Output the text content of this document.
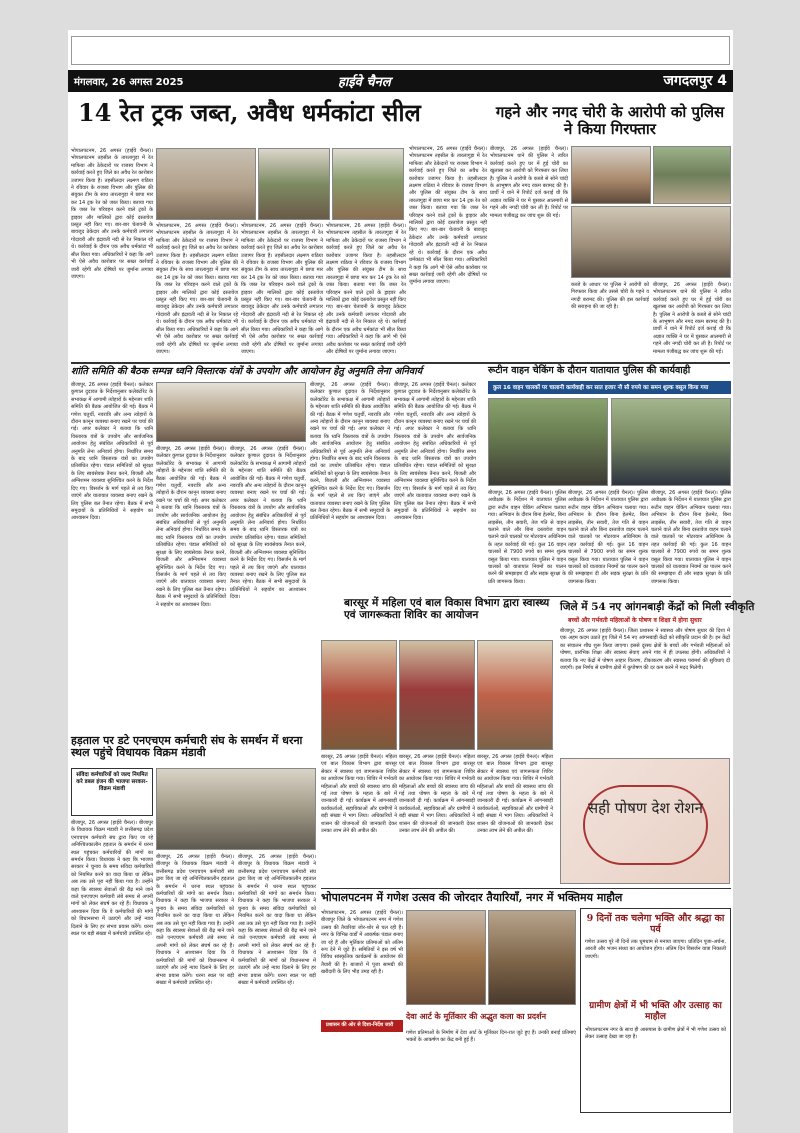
मंगलवार, 26 अगस्त 2025	हाईवे चैनल	जगदलपुर 4
14 रेत ट्रक जब्त, अवैध धर्मकांटा सील
भोपालपटनम, 26 अगस्त (हाईवे चैनल)। भोपालपटनम तहसील के तारलागुड़ा में रेत माफिया और ठेकेदारों पर राजस्व विभाग ने कार्रवाई करते हुए जिले का अवैध रेत कारोबार उजागर किया है। तहसीलदार लक्ष्मण राठिया ने रविवार के राजस्व विभाग और पुलिस की संयुक्त टीम के साथ तारलागुड़ा में छापा मार कर 14 ट्रक रेत को जब्त किया। बताया गया कि जब्त रेत परिवहन करने वाले ट्रकों के ड्राइवर और मालिकों द्वारा कोई दस्तावेज प्रस्तुत नहीं किए गए। बार-बार चेतावनी के बावजूद ठेकेदार और उनके कर्मचारी लगातार गोदावरी और इंद्रावती नदी से रेत निकाल रहे थे। कार्रवाई के दौरान एक अवैध धर्मकांटा भी सील किया गया। अधिकारियों ने कहा कि आगे भी ऐसे अवैध कारोबार पर सख्त कार्रवाई जारी रहेगी और दोषियों पर जुर्माना लगाया जाएगा।
भोपालपटनम, 26 अगस्त (हाईवे चैनल)। भोपालपटनम तहसील के तारलागुड़ा में रेत माफिया और ठेकेदारों पर राजस्व विभाग ने कार्रवाई करते हुए जिले का अवैध रेत कारोबार उजागर किया है। तहसीलदार लक्ष्मण राठिया ने रविवार के राजस्व विभाग और पुलिस की संयुक्त टीम के साथ तारलागुड़ा में छापा मार कर 14 ट्रक रेत को जब्त किया। बताया गया कि जब्त रेत परिवहन करने वाले ट्रकों के ड्राइवर और मालिकों द्वारा कोई दस्तावेज प्रस्तुत नहीं किए गए। बार-बार चेतावनी के बावजूद ठेकेदार और उनके कर्मचारी लगातार गोदावरी और इंद्रावती नदी से रेत निकाल रहे थे। कार्रवाई के दौरान एक अवैध धर्मकांटा भी सील किया गया। अधिकारियों ने कहा कि आगे भी ऐसे अवैध कारोबार पर सख्त कार्रवाई जारी रहेगी और दोषियों पर जुर्माना लगाया जाएगा।
भोपालपटनम, 26 अगस्त (हाईवे चैनल)। भोपालपटनम तहसील के तारलागुड़ा में रेत माफिया और ठेकेदारों पर राजस्व विभाग ने कार्रवाई करते हुए जिले का अवैध रेत कारोबार उजागर किया है। तहसीलदार लक्ष्मण राठिया ने रविवार के राजस्व विभाग और पुलिस की संयुक्त टीम के साथ तारलागुड़ा में छापा मार कर 14 ट्रक रेत को जब्त किया। बताया गया कि जब्त रेत परिवहन करने वाले ट्रकों के ड्राइवर और मालिकों द्वारा कोई दस्तावेज प्रस्तुत नहीं किए गए। बार-बार चेतावनी के बावजूद ठेकेदार और उनके कर्मचारी लगातार गोदावरी और इंद्रावती नदी से रेत निकाल रहे थे। कार्रवाई के दौरान एक अवैध धर्मकांटा भी सील किया गया। अधिकारियों ने कहा कि आगे भी ऐसे अवैध कारोबार पर सख्त कार्रवाई जारी रहेगी और दोषियों पर जुर्माना लगाया जाएगा।
भोपालपटनम, 26 अगस्त (हाईवे चैनल)। भोपालपटनम तहसील के तारलागुड़ा में रेत माफिया और ठेकेदारों पर राजस्व विभाग ने कार्रवाई करते हुए जिले का अवैध रेत कारोबार उजागर किया है। तहसीलदार लक्ष्मण राठिया ने रविवार के राजस्व विभाग और पुलिस की संयुक्त टीम के साथ तारलागुड़ा में छापा मार कर 14 ट्रक रेत को जब्त किया। बताया गया कि जब्त रेत परिवहन करने वाले ट्रकों के ड्राइवर और मालिकों द्वारा कोई दस्तावेज प्रस्तुत नहीं किए गए। बार-बार चेतावनी के बावजूद ठेकेदार और उनके कर्मचारी लगातार गोदावरी और इंद्रावती नदी से रेत निकाल रहे थे। कार्रवाई के दौरान एक अवैध धर्मकांटा भी सील किया गया। अधिकारियों ने कहा कि आगे भी ऐसे अवैध कारोबार पर सख्त कार्रवाई जारी रहेगी और दोषियों पर जुर्माना लगाया जाएगा।
भोपालपटनम, 26 अगस्त (हाईवे चैनल)। भोपालपटनम तहसील के तारलागुड़ा में रेत माफिया और ठेकेदारों पर राजस्व विभाग ने कार्रवाई करते हुए जिले का अवैध रेत कारोबार उजागर किया है। तहसीलदार लक्ष्मण राठिया ने रविवार के राजस्व विभाग और पुलिस की संयुक्त टीम के साथ तारलागुड़ा में छापा मार कर 14 ट्रक रेत को जब्त किया। बताया गया कि जब्त रेत परिवहन करने वाले ट्रकों के ड्राइवर और मालिकों द्वारा कोई दस्तावेज प्रस्तुत नहीं किए गए। बार-बार चेतावनी के बावजूद ठेकेदार और उनके कर्मचारी लगातार गोदावरी और इंद्रावती नदी से रेत निकाल रहे थे। कार्रवाई के दौरान एक अवैध धर्मकांटा भी सील किया गया। अधिकारियों ने कहा कि आगे भी ऐसे अवैध कारोबार पर सख्त कार्रवाई जारी रहेगी और दोषियों पर जुर्माना लगाया जाएगा।
गहने और नगद चोरी के आरोपी को पुलिस ने किया गिरफ्तार
बीजापुर, 26 अगस्त (हाईवे चैनल)। भोपालपटनम थाने की पुलिस ने त्वरित कार्रवाई करते हुए घर में हुई चोरी का खुलासा कर आरोपी को गिरफ्तार कर लिया है। पुलिस ने आरोपी के कब्जे से सोने चांदी के आभूषण और नगद रकम बरामद की है। प्रार्थी ने थाने में रिपोर्ट दर्ज कराई थी कि अज्ञात व्यक्ति ने घर में घुसकर आलमारी से गहने और नगदी चोरी कर ली है। रिपोर्ट पर मामला पंजीबद्ध कर जांच शुरू की गई।
कब्जे के आधार पर पुलिस ने आरोपी को गिरफ्तार किया और उससे चोरी के गहने व नगदी बरामद की। पुलिस की इस कार्रवाई की सराहना की जा रही है।
बीजापुर, 26 अगस्त (हाईवे चैनल)। भोपालपटनम थाने की पुलिस ने त्वरित कार्रवाई करते हुए घर में हुई चोरी का खुलासा कर आरोपी को गिरफ्तार कर लिया है। पुलिस ने आरोपी के कब्जे से सोने चांदी के आभूषण और नगद रकम बरामद की है। प्रार्थी ने थाने में रिपोर्ट दर्ज कराई थी कि अज्ञात व्यक्ति ने घर में घुसकर आलमारी से गहने और नगदी चोरी कर ली है। रिपोर्ट पर मामला पंजीबद्ध कर जांच शुरू की गई।
शांति समिति की बैठक सम्पन्न ध्वनि विस्तारक यंत्रों के उपयोग और आयोजन हेतु अनुमति लेना अनिवार्य
बीजापुर, 26 अगस्त (हाईवे चैनल)। कलेक्टर कुणाल दुदावत के निर्देशानुसार कलेक्टोरेट के सभाकक्ष में आगामी त्योहारों के मद्देनजर शांति समिति की बैठक आयोजित की गई। बैठक में गणेश चतुर्थी, नवरात्रि और अन्य त्योहारों के दौरान कानून व्यवस्था बनाए रखने पर चर्चा की गई। अपर कलेक्टर ने बताया कि ध्वनि विस्तारक यंत्रों के उपयोग और सार्वजनिक आयोजन हेतु संबंधित अधिकारियों से पूर्व अनुमति लेना अनिवार्य होगा। निर्धारित समय के बाद ध्वनि विस्तारक यंत्रों का उपयोग प्रतिबंधित रहेगा। पंडाल समितियों को सुरक्षा के लिए स्वयंसेवक तैनात करने, बिजली और अग्निशमन व्यवस्था सुनिश्चित करने के निर्देश दिए गए। विसर्जन के मार्ग पहले से तय किए जाएंगे और यातायात व्यवस्था बनाए रखने के लिए पुलिस बल तैनात रहेगा। बैठक में सभी समुदायों के प्रतिनिधियों ने सहयोग का आश्वासन दिया।
बीजापुर, 26 अगस्त (हाईवे चैनल)। कलेक्टर कुणाल दुदावत के निर्देशानुसार कलेक्टोरेट के सभाकक्ष में आगामी त्योहारों के मद्देनजर शांति समिति की बैठक आयोजित की गई। बैठक में गणेश चतुर्थी, नवरात्रि और अन्य त्योहारों के दौरान कानून व्यवस्था बनाए रखने पर चर्चा की गई। अपर कलेक्टर ने बताया कि ध्वनि विस्तारक यंत्रों के उपयोग और सार्वजनिक आयोजन हेतु संबंधित अधिकारियों से पूर्व अनुमति लेना अनिवार्य होगा। निर्धारित समय के बाद ध्वनि विस्तारक यंत्रों का उपयोग प्रतिबंधित रहेगा। पंडाल समितियों को सुरक्षा के लिए स्वयंसेवक तैनात करने, बिजली और अग्निशमन व्यवस्था सुनिश्चित करने के निर्देश दिए गए। विसर्जन के मार्ग पहले से तय किए जाएंगे और यातायात व्यवस्था बनाए रखने के लिए पुलिस बल तैनात रहेगा। बैठक में सभी समुदायों के प्रतिनिधियों ने सहयोग का आश्वासन दिया।
बीजापुर, 26 अगस्त (हाईवे चैनल)। कलेक्टर कुणाल दुदावत के निर्देशानुसार कलेक्टोरेट के सभाकक्ष में आगामी त्योहारों के मद्देनजर शांति समिति की बैठक आयोजित की गई। बैठक में गणेश चतुर्थी, नवरात्रि और अन्य त्योहारों के दौरान कानून व्यवस्था बनाए रखने पर चर्चा की गई। अपर कलेक्टर ने बताया कि ध्वनि विस्तारक यंत्रों के उपयोग और सार्वजनिक आयोजन हेतु संबंधित अधिकारियों से पूर्व अनुमति लेना अनिवार्य होगा। निर्धारित समय के बाद ध्वनि विस्तारक यंत्रों का उपयोग प्रतिबंधित रहेगा। पंडाल समितियों को सुरक्षा के लिए स्वयंसेवक तैनात करने, बिजली और अग्निशमन व्यवस्था सुनिश्चित करने के निर्देश दिए गए। विसर्जन के मार्ग पहले से तय किए जाएंगे और यातायात व्यवस्था बनाए रखने के लिए पुलिस बल तैनात रहेगा। बैठक में सभी समुदायों के प्रतिनिधियों ने सहयोग का आश्वासन दिया।
बीजापुर, 26 अगस्त (हाईवे चैनल)। कलेक्टर कुणाल दुदावत के निर्देशानुसार कलेक्टोरेट के सभाकक्ष में आगामी त्योहारों के मद्देनजर शांति समिति की बैठक आयोजित की गई। बैठक में गणेश चतुर्थी, नवरात्रि और अन्य त्योहारों के दौरान कानून व्यवस्था बनाए रखने पर चर्चा की गई। अपर कलेक्टर ने बताया कि ध्वनि विस्तारक यंत्रों के उपयोग और सार्वजनिक आयोजन हेतु संबंधित अधिकारियों से पूर्व अनुमति लेना अनिवार्य होगा। निर्धारित समय के बाद ध्वनि विस्तारक यंत्रों का उपयोग प्रतिबंधित रहेगा। पंडाल समितियों को सुरक्षा के लिए स्वयंसेवक तैनात करने, बिजली और अग्निशमन व्यवस्था सुनिश्चित करने के निर्देश दिए गए। विसर्जन के मार्ग पहले से तय किए जाएंगे और यातायात व्यवस्था बनाए रखने के लिए पुलिस बल तैनात रहेगा। बैठक में सभी समुदायों के प्रतिनिधियों ने सहयोग का आश्वासन दिया।
बीजापुर, 26 अगस्त (हाईवे चैनल)। कलेक्टर कुणाल दुदावत के निर्देशानुसार कलेक्टोरेट के सभाकक्ष में आगामी त्योहारों के मद्देनजर शांति समिति की बैठक आयोजित की गई। बैठक में गणेश चतुर्थी, नवरात्रि और अन्य त्योहारों के दौरान कानून व्यवस्था बनाए रखने पर चर्चा की गई। अपर कलेक्टर ने बताया कि ध्वनि विस्तारक यंत्रों के उपयोग और सार्वजनिक आयोजन हेतु संबंधित अधिकारियों से पूर्व अनुमति लेना अनिवार्य होगा। निर्धारित समय के बाद ध्वनि विस्तारक यंत्रों का उपयोग प्रतिबंधित रहेगा। पंडाल समितियों को सुरक्षा के लिए स्वयंसेवक तैनात करने, बिजली और अग्निशमन व्यवस्था सुनिश्चित करने के निर्देश दिए गए। विसर्जन के मार्ग पहले से तय किए जाएंगे और यातायात व्यवस्था बनाए रखने के लिए पुलिस बल तैनात रहेगा। बैठक में सभी समुदायों के प्रतिनिधियों ने सहयोग का आश्वासन दिया।
रूटीन वाहन चेकिंग के दौरान यातायात पुलिस की कार्यवाही
कुल 16 वाहन चालकों पर चालानी कार्यवाही कर सात हजार नौ सौ रुपये का समन शुल्क वसूल किया गया
बीजापुर, 26 अगस्त (हाईवे चैनल)। पुलिस अधीक्षक के निर्देशन में यातायात पुलिस द्वारा रूटीन वाहन चेकिंग अभियान चलाया गया। अभियान के दौरान बिना हेलमेट, बिना लाइसेंस, तीन सवारी, तेज गति से वाहन चलाने वाले और बिना दस्तावेज वाहन चलाने वाले चालकों पर मोटरयान अधिनियम के तहत कार्रवाई की गई। कुल 16 वाहन चालकों से 7900 रुपये का समन शुल्क वसूल किया गया। यातायात पुलिस ने वाहन चालकों को यातायात नियमों का पालन करने की समझाइश दी और सड़क सुरक्षा के प्रति जागरूक किया।
बीजापुर, 26 अगस्त (हाईवे चैनल)। पुलिस अधीक्षक के निर्देशन में यातायात पुलिस द्वारा रूटीन वाहन चेकिंग अभियान चलाया गया। अभियान के दौरान बिना हेलमेट, बिना लाइसेंस, तीन सवारी, तेज गति से वाहन चलाने वाले और बिना दस्तावेज वाहन चलाने वाले चालकों पर मोटरयान अधिनियम के तहत कार्रवाई की गई। कुल 16 वाहन चालकों से 7900 रुपये का समन शुल्क वसूल किया गया। यातायात पुलिस ने वाहन चालकों को यातायात नियमों का पालन करने की समझाइश दी और सड़क सुरक्षा के प्रति जागरूक किया।
बीजापुर, 26 अगस्त (हाईवे चैनल)। पुलिस अधीक्षक के निर्देशन में यातायात पुलिस द्वारा रूटीन वाहन चेकिंग अभियान चलाया गया। अभियान के दौरान बिना हेलमेट, बिना लाइसेंस, तीन सवारी, तेज गति से वाहन चलाने वाले और बिना दस्तावेज वाहन चलाने वाले चालकों पर मोटरयान अधिनियम के तहत कार्रवाई की गई। कुल 16 वाहन चालकों से 7900 रुपये का समन शुल्क वसूल किया गया। यातायात पुलिस ने वाहन चालकों को यातायात नियमों का पालन करने की समझाइश दी और सड़क सुरक्षा के प्रति जागरूक किया।
बारसूर में महिला एवं बाल विकास विभाग द्वारा स्वास्थ्य एवं जागरूकता शिविर का आयोजन
बारसूर, 26 अगस्त (हाईवे चैनल)। महिला एवं बाल विकास विभाग द्वारा बारसूर सेक्टर में स्वास्थ्य एवं जागरूकता शिविर का आयोजन किया गया। शिविर में गर्भवती महिलाओं और बच्चों की स्वास्थ्य जांच की गई तथा पोषण के महत्व के बारे में जानकारी दी गई। कार्यक्रम में आंगनबाड़ी कार्यकर्ताओं, सहायिकाओं और ग्रामीणों ने बड़ी संख्या में भाग लिया। अधिकारियों ने शासन की योजनाओं की जानकारी देकर उनका लाभ लेने की अपील की।
बारसूर, 26 अगस्त (हाईवे चैनल)। महिला एवं बाल विकास विभाग द्वारा बारसूर सेक्टर में स्वास्थ्य एवं जागरूकता शिविर का आयोजन किया गया। शिविर में गर्भवती महिलाओं और बच्चों की स्वास्थ्य जांच की गई तथा पोषण के महत्व के बारे में जानकारी दी गई। कार्यक्रम में आंगनबाड़ी कार्यकर्ताओं, सहायिकाओं और ग्रामीणों ने बड़ी संख्या में भाग लिया। अधिकारियों ने शासन की योजनाओं की जानकारी देकर उनका लाभ लेने की अपील की।
बारसूर, 26 अगस्त (हाईवे चैनल)। महिला एवं बाल विकास विभाग द्वारा बारसूर सेक्टर में स्वास्थ्य एवं जागरूकता शिविर का आयोजन किया गया। शिविर में गर्भवती महिलाओं और बच्चों की स्वास्थ्य जांच की गई तथा पोषण के महत्व के बारे में जानकारी दी गई। कार्यक्रम में आंगनबाड़ी कार्यकर्ताओं, सहायिकाओं और ग्रामीणों ने बड़ी संख्या में भाग लिया। अधिकारियों ने शासन की योजनाओं की जानकारी देकर उनका लाभ लेने की अपील की।
जिले में 54 नए आंगनबाड़ी केंद्रों को मिली स्वीकृति
बच्चों और गर्भवती महिलाओं के पोषण व शिक्षा में होगा सुधार
बीजापुर, 26 अगस्त (हाईवे चैनल)। जिला प्रशासन ने स्वास्थ्य और पोषण सुधार की दिशा में एक अहम कदम उठाते हुए जिले में 54 नए आंगनबाड़ी केंद्रों को स्वीकृति प्रदान की है। इन केंद्रों का संचालन शीघ्र शुरू किया जाएगा। इससे दूरस्थ क्षेत्रों के बच्चों और गर्भवती महिलाओं को पोषण, प्रारंभिक शिक्षा और स्वास्थ्य सेवाएं अपने गांव में ही उपलब्ध होंगी। अधिकारियों ने बताया कि नए केंद्रों में पोषण आहार वितरण, टीकाकरण और स्वास्थ्य परामर्श की सुविधाएं दी जाएंगी। इस निर्णय से ग्रामीण क्षेत्रों में कुपोषण की दर कम करने में मदद मिलेगी।
सही पोषण देश रोशन
हड़ताल पर डटे एनएचएम कर्मचारी संघ के समर्थन में धरना स्थल पहुंचे विधायक विक्रम मंडावी
संविदा कर्मचारियों को जल्द नियमित करे डबल इंजन की भाजपा सरकार- विक्रम मंडावी
बीजापुर, 26 अगस्त (हाईवे चैनल)। बीजापुर के विधायक विक्रम मंडावी ने छत्तीसगढ़ प्रदेश एनएचएम कर्मचारी संघ द्वारा किए जा रहे अनिश्चितकालीन हड़ताल के समर्थन में धरना स्थल पहुंचकर कर्मचारियों की मांगों का समर्थन किया। विधायक ने कहा कि भाजपा सरकार ने चुनाव के समय संविदा कर्मचारियों को नियमित करने का वादा किया था लेकिन अब तक उसे पूरा नहीं किया गया है। उन्होंने कहा कि स्वास्थ्य सेवाओं की रीढ़ माने जाने वाले एनएचएम कर्मचारी लंबे समय से अपनी मांगों को लेकर संघर्ष कर रहे हैं। विधायक ने आश्वासन दिया कि वे कर्मचारियों की मांगों को विधानसभा में उठाएंगे और उन्हें न्याय दिलाने के लिए हर संभव प्रयास करेंगे। धरना स्थल पर बड़ी संख्या में कर्मचारी उपस्थित रहे।
बीजापुर, 26 अगस्त (हाईवे चैनल)। बीजापुर के विधायक विक्रम मंडावी ने छत्तीसगढ़ प्रदेश एनएचएम कर्मचारी संघ द्वारा किए जा रहे अनिश्चितकालीन हड़ताल के समर्थन में धरना स्थल पहुंचकर कर्मचारियों की मांगों का समर्थन किया। विधायक ने कहा कि भाजपा सरकार ने चुनाव के समय संविदा कर्मचारियों को नियमित करने का वादा किया था लेकिन अब तक उसे पूरा नहीं किया गया है। उन्होंने कहा कि स्वास्थ्य सेवाओं की रीढ़ माने जाने वाले एनएचएम कर्मचारी लंबे समय से अपनी मांगों को लेकर संघर्ष कर रहे हैं। विधायक ने आश्वासन दिया कि वे कर्मचारियों की मांगों को विधानसभा में उठाएंगे और उन्हें न्याय दिलाने के लिए हर संभव प्रयास करेंगे। धरना स्थल पर बड़ी संख्या में कर्मचारी उपस्थित रहे।
बीजापुर, 26 अगस्त (हाईवे चैनल)। बीजापुर के विधायक विक्रम मंडावी ने छत्तीसगढ़ प्रदेश एनएचएम कर्मचारी संघ द्वारा किए जा रहे अनिश्चितकालीन हड़ताल के समर्थन में धरना स्थल पहुंचकर कर्मचारियों की मांगों का समर्थन किया। विधायक ने कहा कि भाजपा सरकार ने चुनाव के समय संविदा कर्मचारियों को नियमित करने का वादा किया था लेकिन अब तक उसे पूरा नहीं किया गया है। उन्होंने कहा कि स्वास्थ्य सेवाओं की रीढ़ माने जाने वाले एनएचएम कर्मचारी लंबे समय से अपनी मांगों को लेकर संघर्ष कर रहे हैं। विधायक ने आश्वासन दिया कि वे कर्मचारियों की मांगों को विधानसभा में उठाएंगे और उन्हें न्याय दिलाने के लिए हर संभव प्रयास करेंगे। धरना स्थल पर बड़ी संख्या में कर्मचारी उपस्थित रहे।
भोपालपटनम में गणेश उत्सव की जोरदार तैयारियाँ, नगर में भक्तिमय माहौल
भोपालपटनम, 26 अगस्त (हाईवे चैनल)। बीजापुर जिले के भोपालपटनम नगर में गणेश उत्सव की तैयारियां जोर-शोर से चल रही हैं। नगर के विभिन्न वार्डों में आकर्षक पंडाल बनाए जा रहे हैं और मूर्तिकार प्रतिमाओं को अंतिम रूप देने में जुटे हैं। समितियों ने इस वर्ष भी विविध सांस्कृतिक कार्यक्रमों के आयोजन की तैयारी की है। बाजारों में पूजा सामग्री की खरीदारी के लिए भीड़ उमड़ रही है।
प्रशासन की ओर से दिशा-निर्देश जारी
देवा आर्ट के मूर्तिकार की अद्भुत कला का प्रदर्शन
गणेश प्रतिमाओं के निर्माण में देवा आर्ट के मूर्तिकार दिन-रात जुटे हुए हैं। उनकी बनाई प्रतिमाएं भक्तों के आकर्षण का केंद्र बनी हुई हैं।
9 दिनों तक चलेगा भक्ति और श्रद्धा का पर्व
गणेश उत्सव पूरे नौ दिनों तक धूमधाम से मनाया जाएगा। प्रतिदिन पूजा-अर्चना, आरती और भजन संध्या का आयोजन होगा। अंतिम दिन विसर्जन यात्रा निकाली जाएगी।
ग्रामीण क्षेत्रों में भी भक्ति और उत्साह का माहौल
भोपालपटनम नगर के साथ ही आसपास के ग्रामीण क्षेत्रों में भी गणेश उत्सव को लेकर उत्साह देखा जा रहा है।
